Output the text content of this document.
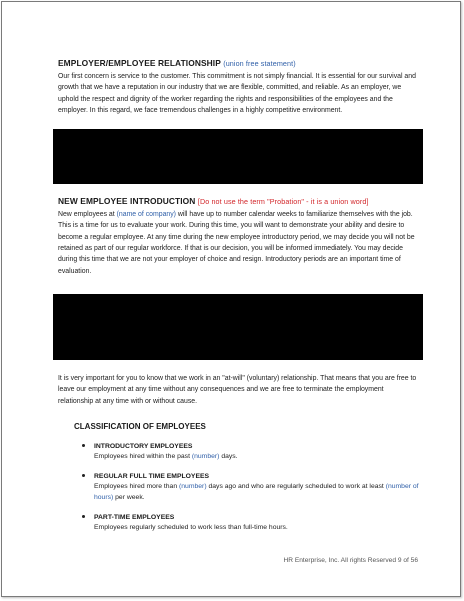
EMPLOYER/EMPLOYEE RELATIONSHIP (union free statement)

Our first concern is service to the customer. This commitment is not simply financial. It is essential for our survival and growth that we have a reputation in our industry that we are flexible, committed, and reliable. As an employer, we uphold the respect and dignity of the worker regarding the rights and responsibilities of the employees and the employer. In this regard, we face tremendous challenges in a highly competitive environment.

NEW EMPLOYEE INTRODUCTION [Do not use the term "Probation" - it is a union word]

New employees at (name of company) will have up to number calendar weeks to familiarize themselves with the job. This is a time for us to evaluate your work. During this time, you will want to demonstrate your ability and desire to become a regular employee. At any time during the new employee introductory period, we may decide you will not be retained as part of our regular workforce. If that is our decision, you will be informed immediately. You may decide during this time that we are not your employer of choice and resign. Introductory periods are an important time of evaluation.

It is very important for you to know that we work in an "at-will" (voluntary) relationship. That means that you are free to leave our employment at any time without any consequences and we are free to terminate the employment relationship at any time with or without cause.

CLASSIFICATION OF EMPLOYEES
INTRODUCTORY EMPLOYEES
Employees hired within the past (number) days.
REGULAR FULL TIME EMPLOYEES
Employees hired more than (number) days ago and who are regularly scheduled to work at least (number of hours) per week.
PART-TIME EMPLOYEES
Employees regularly scheduled to work less than full-time hours.
HR Enterprise, Inc. All rights Reserved 9 of 56
